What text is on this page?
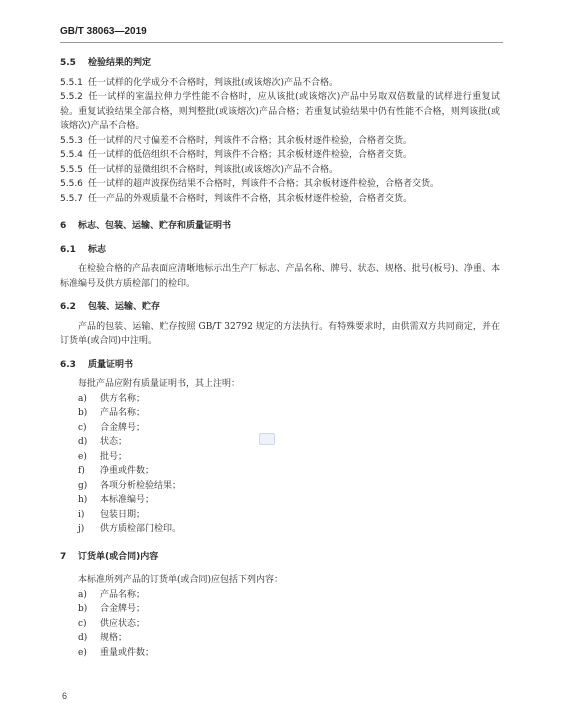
GB/T 38063—2019

5.5 检验结果的判定

5.5.1 任一试样的化学成分不合格时，判该批(或该熔次)产品不合格。

5.5.2 任一试样的室温拉伸力学性能不合格时，应从该批(或该熔次)产品中另取双倍数量的试样进行重复试验。重复试验结果全部合格，则判整批(或该熔次)产品合格；若重复试验结果中仍有性能不合格，则判该批(或该熔次)产品不合格。

5.5.3 任一试样的尺寸偏差不合格时，判该件不合格；其余板材逐件检验，合格者交货。

5.5.4 任一试样的低倍组织不合格时，判该件不合格；其余板材逐件检验，合格者交货。

5.5.5 任一试样的显微组织不合格时，判该批(或该熔次)产品不合格。

5.5.6 任一试样的超声波探伤结果不合格时，判该件不合格；其余板材逐件检验，合格者交货。

5.5.7 任一产品的外观质量不合格时，判该件不合格，其余板材逐件检验，合格者交货。

6 标志、包装、运输、贮存和质量证明书

6.1 标志

在检验合格的产品表面应清晰地标示出生产厂标志、产品名称、牌号、状态、规格、批号(板号)、净重、本标准编号及供方质检部门的检印。

6.2 包装、运输、贮存

产品的包装、运输、贮存按照 GB/T 32792 规定的方法执行。有特殊要求时，由供需双方共同商定，并在订货单(或合同)中注明。

6.3 质量证明书

每批产品应附有质量证明书，其上注明：

a) 供方名称；

b) 产品名称；

c) 合金牌号；

d) 状态；

e) 批号；

f) 净重或件数；

g) 各项分析检验结果；

h) 本标准编号；

i) 包装日期；

j) 供方质检部门检印。

7 订货单(或合同)内容

本标准所列产品的订货单(或合同)应包括下列内容：

a) 产品名称；

b) 合金牌号；

c) 供应状态；

d) 规格；

e) 重量或件数；

6
